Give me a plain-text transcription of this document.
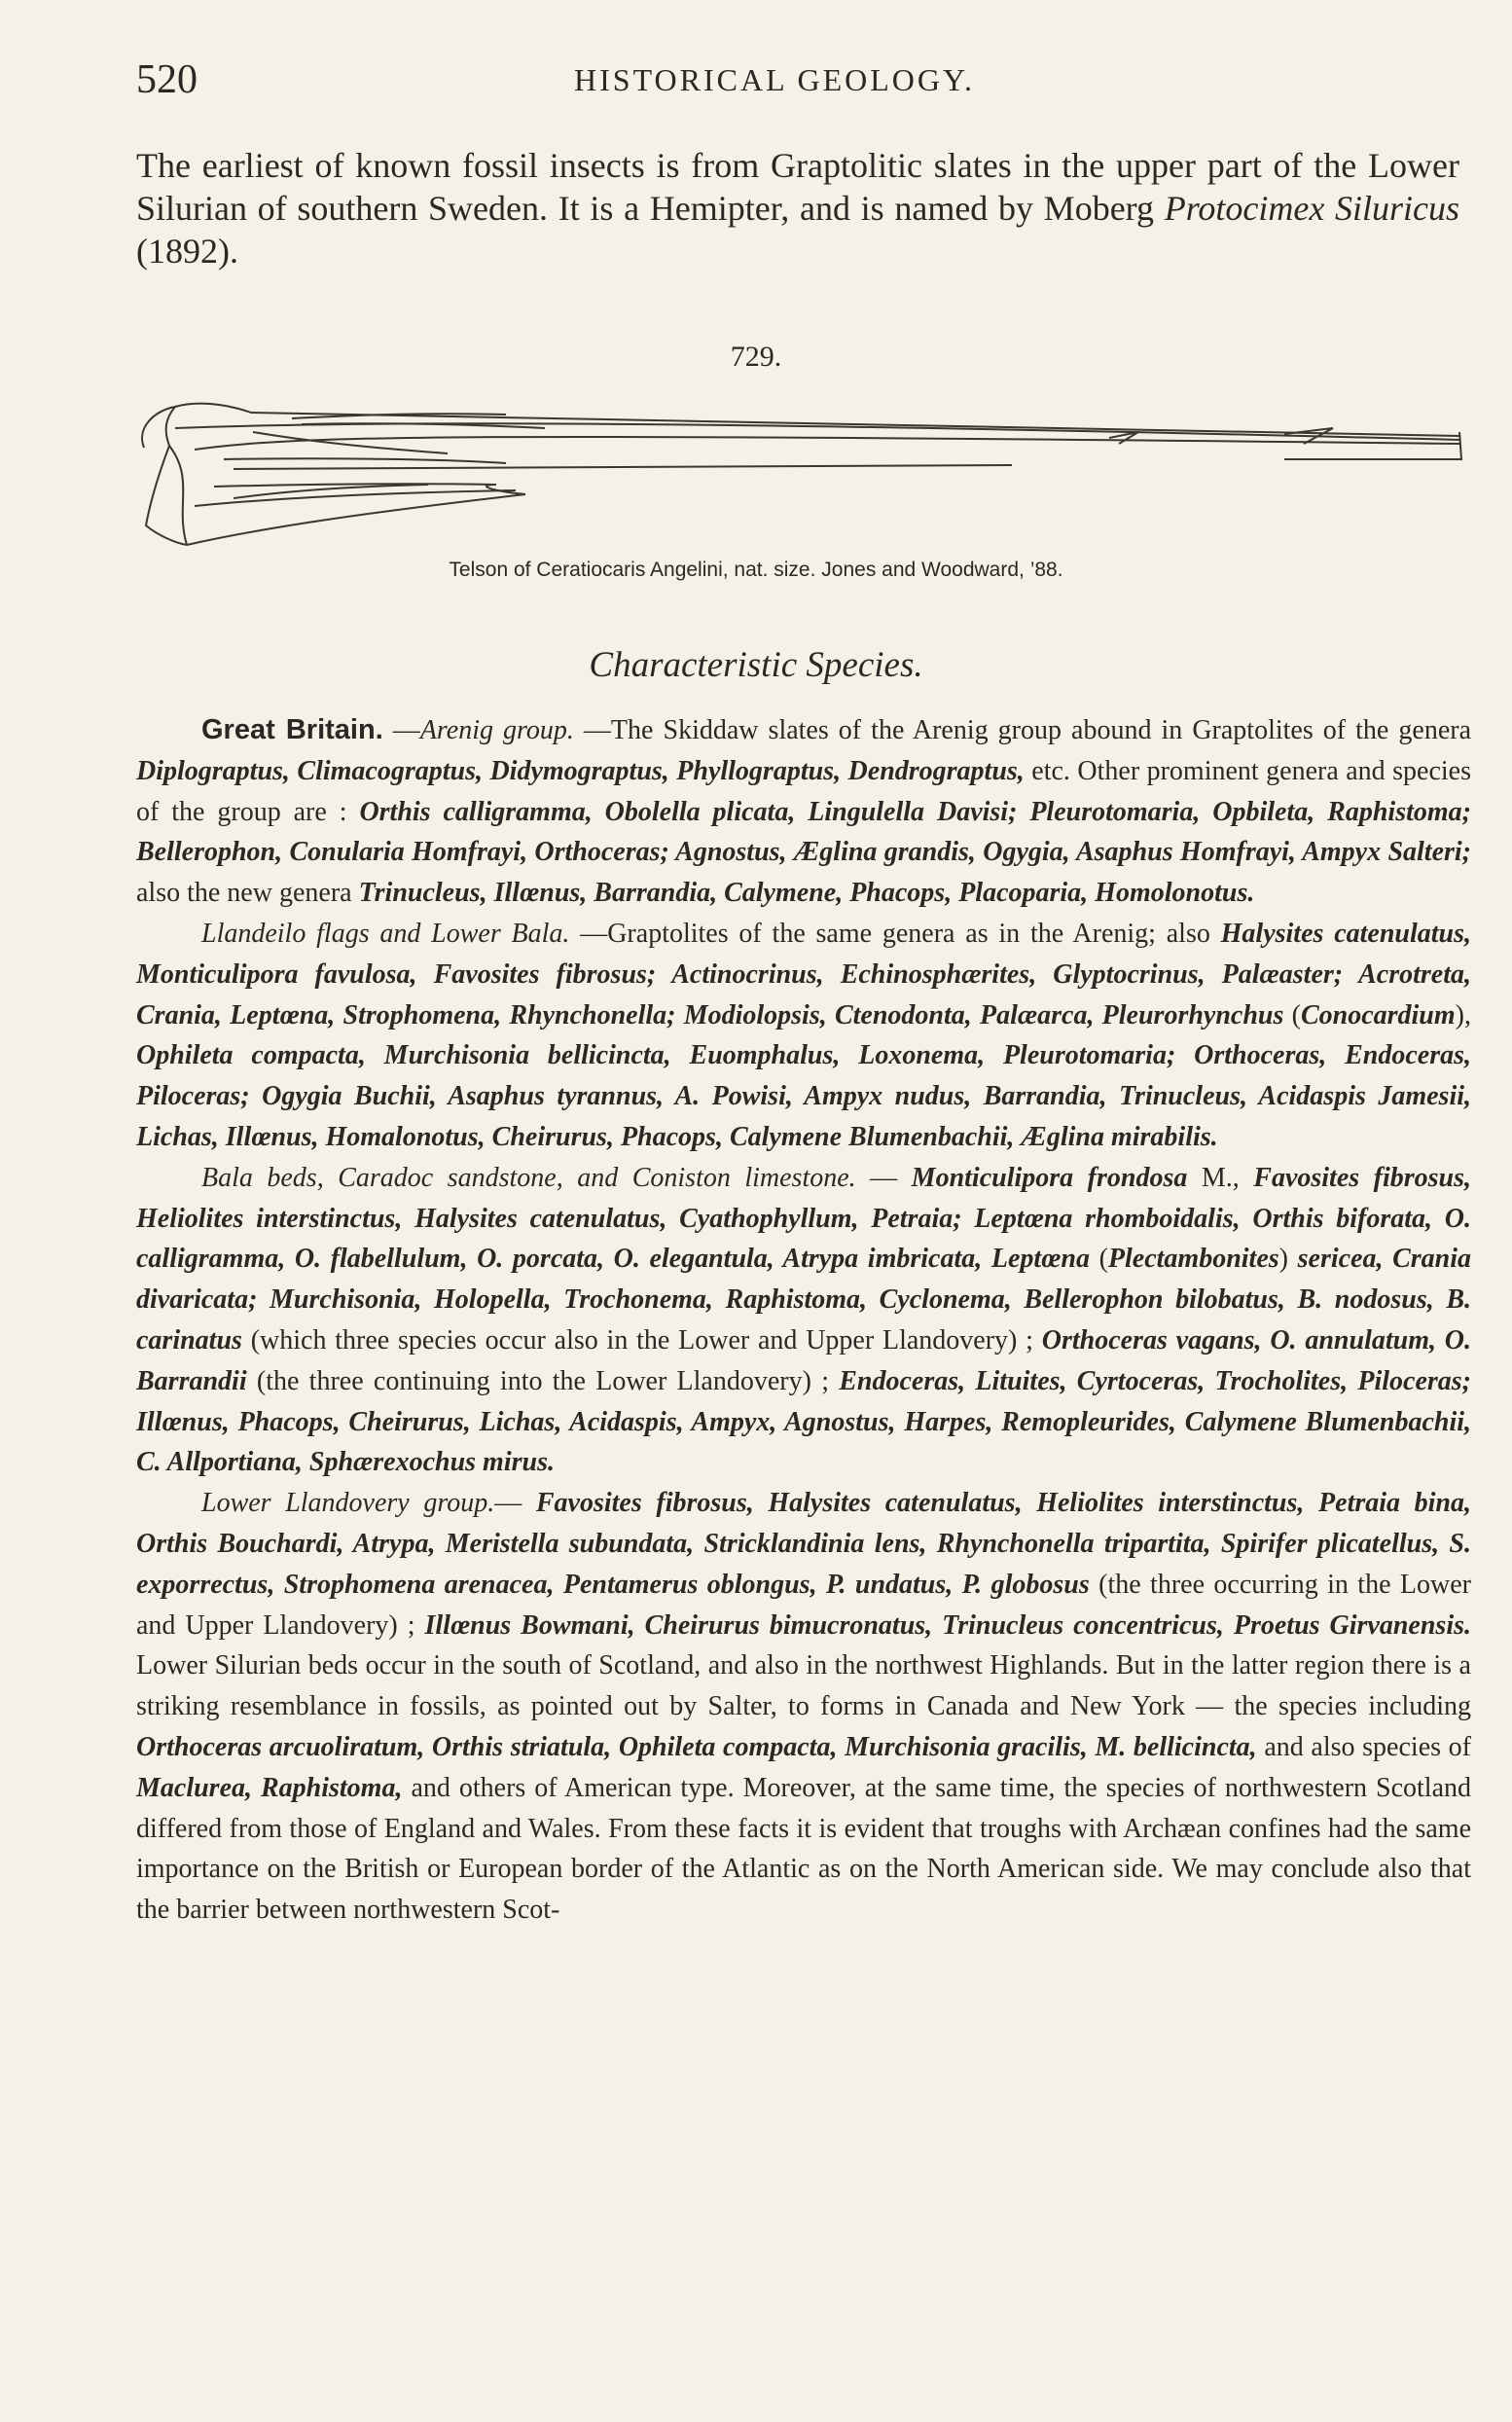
520	HISTORICAL GEOLOGY.
The earliest of known fossil insects is from Graptolitic slates in the upper part of the Lower Silurian of southern Sweden. It is a Hemipter, and is named by Moberg Protocimex Siluricus (1892).
729.
Telson of Ceratiocaris Angelini, nat. size. Jones and Woodward, ’88.
Characteristic Species.

Great Britain. —Arenig group. —The Skiddaw slates of the Arenig group abound in Graptolites of the genera Diplograptus, Climacograptus, Didymograptus, Phyllograptus, Dendrograptus, etc. Other prominent genera and species of the group are : Orthis calligramma, Obolella plicata, Lingulella Davisi; Pleurotomaria, Opbileta, Raphistoma; Bellerophon, Conularia Homfrayi, Orthoceras; Agnostus, Æglina grandis, Ogygia, Asaphus Homfrayi, Ampyx Salteri; also the new genera Trinucleus, Illœnus, Barrandia, Calymene, Phacops, Placoparia, Homolonotus.

Llandeilo flags and Lower Bala. —Graptolites of the same genera as in the Arenig; also Halysites catenulatus, Monticulipora favulosa, Favosites fibrosus; Actinocrinus, Echinosphærites, Glyptocrinus, Palæaster; Acrotreta, Crania, Leptœna, Strophomena, Rhynchonella; Modiolopsis, Ctenodonta, Palæarca, Pleurorhynchus (Conocardium), Ophileta compacta, Murchisonia bellicincta, Euomphalus, Loxonema, Pleurotomaria; Orthoceras, Endoceras, Piloceras; Ogygia Buchii, Asaphus tyrannus, A. Powisi, Ampyx nudus, Barrandia, Trinucleus, Acidaspis Jamesii, Lichas, Illœnus, Homalonotus, Cheirurus, Phacops, Calymene Blumenbachii, Æglina mirabilis.

Bala beds, Caradoc sandstone, and Coniston limestone. — Monticulipora frondosa M., Favosites fibrosus, Heliolites interstinctus, Halysites catenulatus, Cyathophyllum, Petraia; Leptœna rhomboidalis, Orthis biforata, O. calligramma, O. flabellulum, O. porcata, O. elegantula, Atrypa imbricata, Leptœna (Plectambonites) sericea, Crania divaricata; Murchisonia, Holopella, Trochonema, Raphistoma, Cyclonema, Bellerophon bilobatus, B. nodosus, B. carinatus (which three species occur also in the Lower and Upper Llandovery) ; Orthoceras vagans, O. annulatum, O. Barrandii (the three continuing into the Lower Llandovery) ; Endoceras, Lituites, Cyrtoceras, Trocholites, Piloceras; Illœnus, Phacops, Cheirurus, Lichas, Acidaspis, Ampyx, Agnostus, Harpes, Remopleurides, Calymene Blumenbachii, C. Allportiana, Sphærexochus mirus.

Lower Llandovery group.— Favosites fibrosus, Halysites catenulatus, Heliolites interstinctus, Petraia bina, Orthis Bouchardi, Atrypa, Meristella subundata, Stricklandinia lens, Rhynchonella tripartita, Spirifer plicatellus, S. exporrectus, Strophomena arenacea, Pentamerus oblongus, P. undatus, P. globosus (the three occurring in the Lower and Upper Llandovery) ; Illœnus Bowmani, Cheirurus bimucronatus, Trinucleus concentricus, Proetus Girvanensis. Lower Silurian beds occur in the south of Scotland, and also in the northwest Highlands. But in the latter region there is a striking resemblance in fossils, as pointed out by Salter, to forms in Canada and New York — the species including Orthoceras arcuoliratum, Orthis striatula, Ophileta compacta, Murchisonia gracilis, M. bellicincta, and also species of Maclurea, Raphistoma, and others of American type. Moreover, at the same time, the species of northwestern Scotland differed from those of England and Wales. From these facts it is evident that troughs with Archæan confines had the same importance on the British or European border of the Atlantic as on the North American side. We may conclude also that the barrier between northwestern Scot-
